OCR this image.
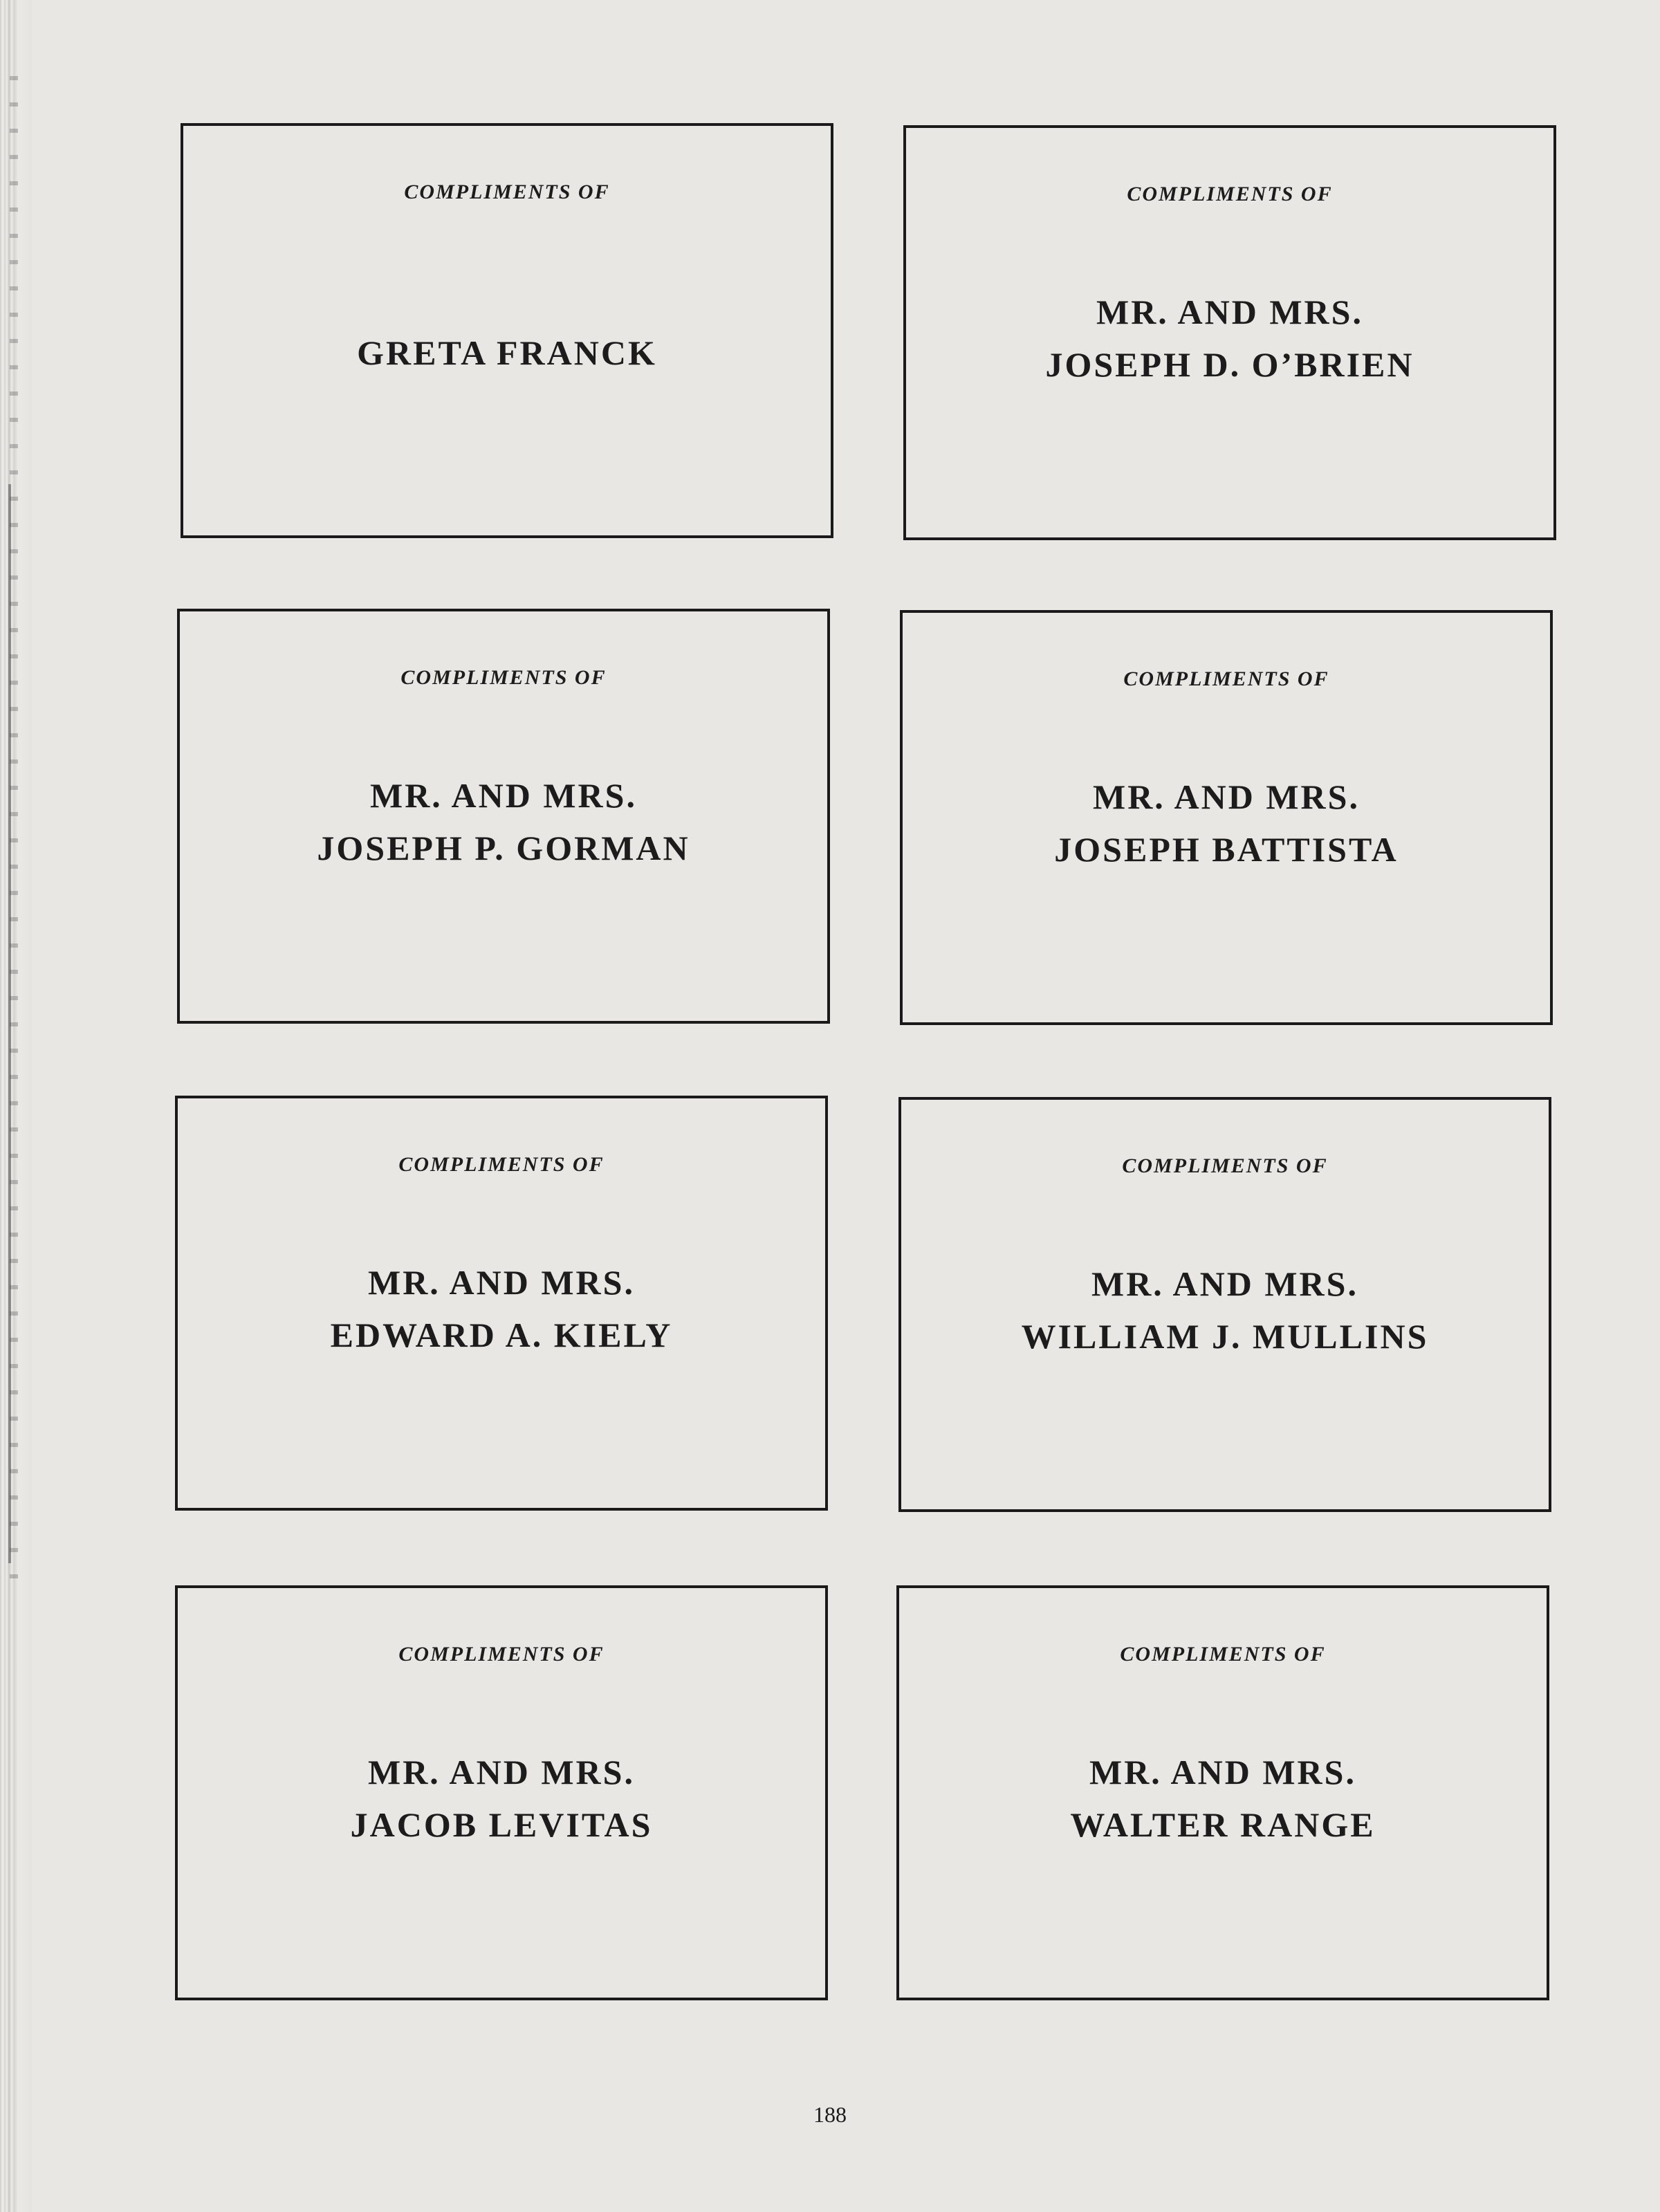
COMPLIMENTS OF
GRETA FRANCK
COMPLIMENTS OF
MR. AND MRS.
JOSEPH D. O’BRIEN
COMPLIMENTS OF
MR. AND MRS.
JOSEPH P. GORMAN
COMPLIMENTS OF
MR. AND MRS.
JOSEPH BATTISTA
COMPLIMENTS OF
MR. AND MRS.
EDWARD A. KIELY
COMPLIMENTS OF
MR. AND MRS.
WILLIAM J. MULLINS
COMPLIMENTS OF
MR. AND MRS.
JACOB LEVITAS
COMPLIMENTS OF
MR. AND MRS.
WALTER RANGE
188
